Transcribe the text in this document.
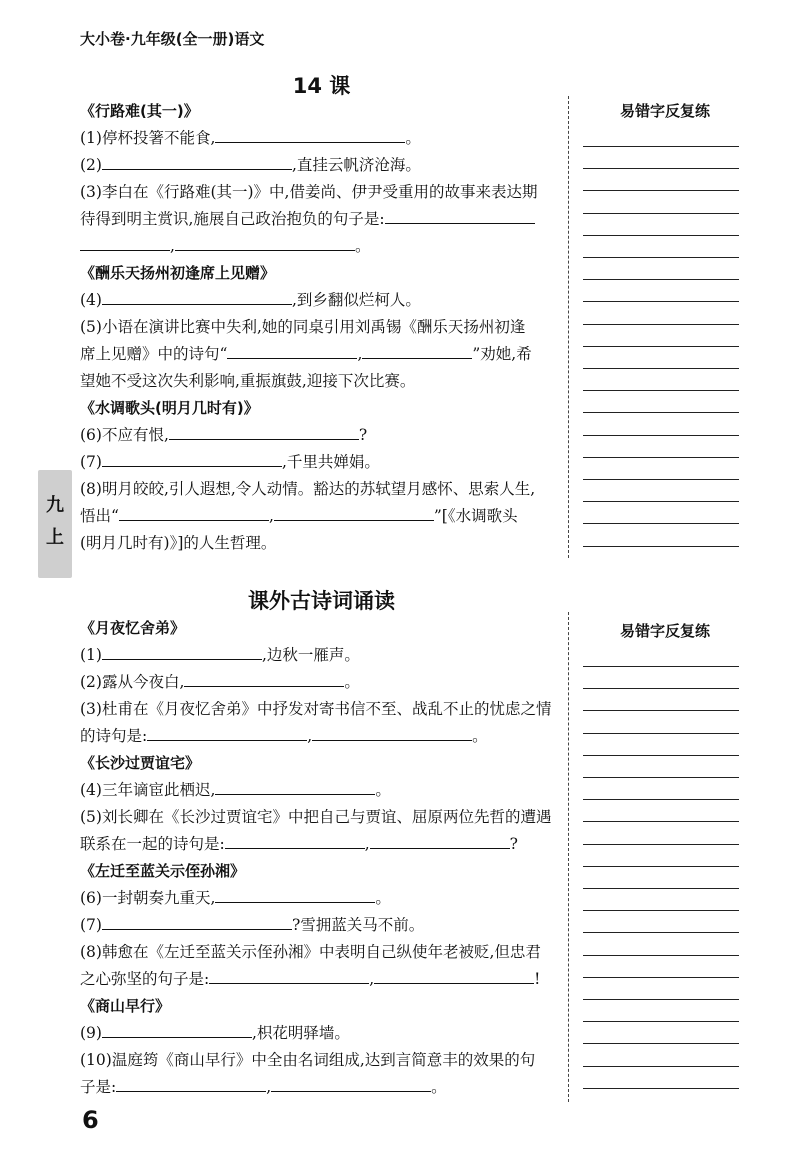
大小卷·九年级(全一册)语文
14 课
易错字反复练
《行路难(其一)》
(1)停杯投箸不能食,	。
(2)	,直挂云帆济沧海。
(3)李白在《行路难(其一)》中,借姜尚、伊尹受重用的故事来表达期
待得到明主赏识,施展自己政治抱负的句子是:
,	。
《酬乐天扬州初逢席上见赠》
(4)	,到乡翻似烂柯人。
(5)小语在演讲比赛中失利,她的同桌引用刘禹锡《酬乐天扬州初逢
席上见赠》中的诗句“	,	”劝她,希
望她不受这次失利影响,重振旗鼓,迎接下次比赛。
《水调歌头(明月几时有)》
(6)不应有恨,	?
(7)	,千里共婵娟。
(8)明月皎皎,引人遐想,令人动情。豁达的苏轼望月感怀、思索人生,
悟出“	,	”[《水调歌头
(明月几时有)》]的人生哲理。
九
上
课外古诗词诵读
易错字反复练
《月夜忆舍弟》
(1)	,边秋一雁声。
(2)露从今夜白,	。
(3)杜甫在《月夜忆舍弟》中抒发对寄书信不至、战乱不止的忧虑之情
的诗句是:	,	。
《长沙过贾谊宅》
(4)三年谪宦此栖迟,	。
(5)刘长卿在《长沙过贾谊宅》中把自己与贾谊、屈原两位先哲的遭遇
联系在一起的诗句是:	,	?
《左迁至蓝关示侄孙湘》
(6)一封朝奏九重天,	。
(7)	?雪拥蓝关马不前。
(8)韩愈在《左迁至蓝关示侄孙湘》中表明自己纵使年老被贬,但忠君
之心弥坚的句子是:	,	!
《商山早行》
(9)	,枳花明驿墙。
(10)温庭筠《商山早行》中全由名词组成,达到言简意丰的效果的句
子是:	,	。
6
